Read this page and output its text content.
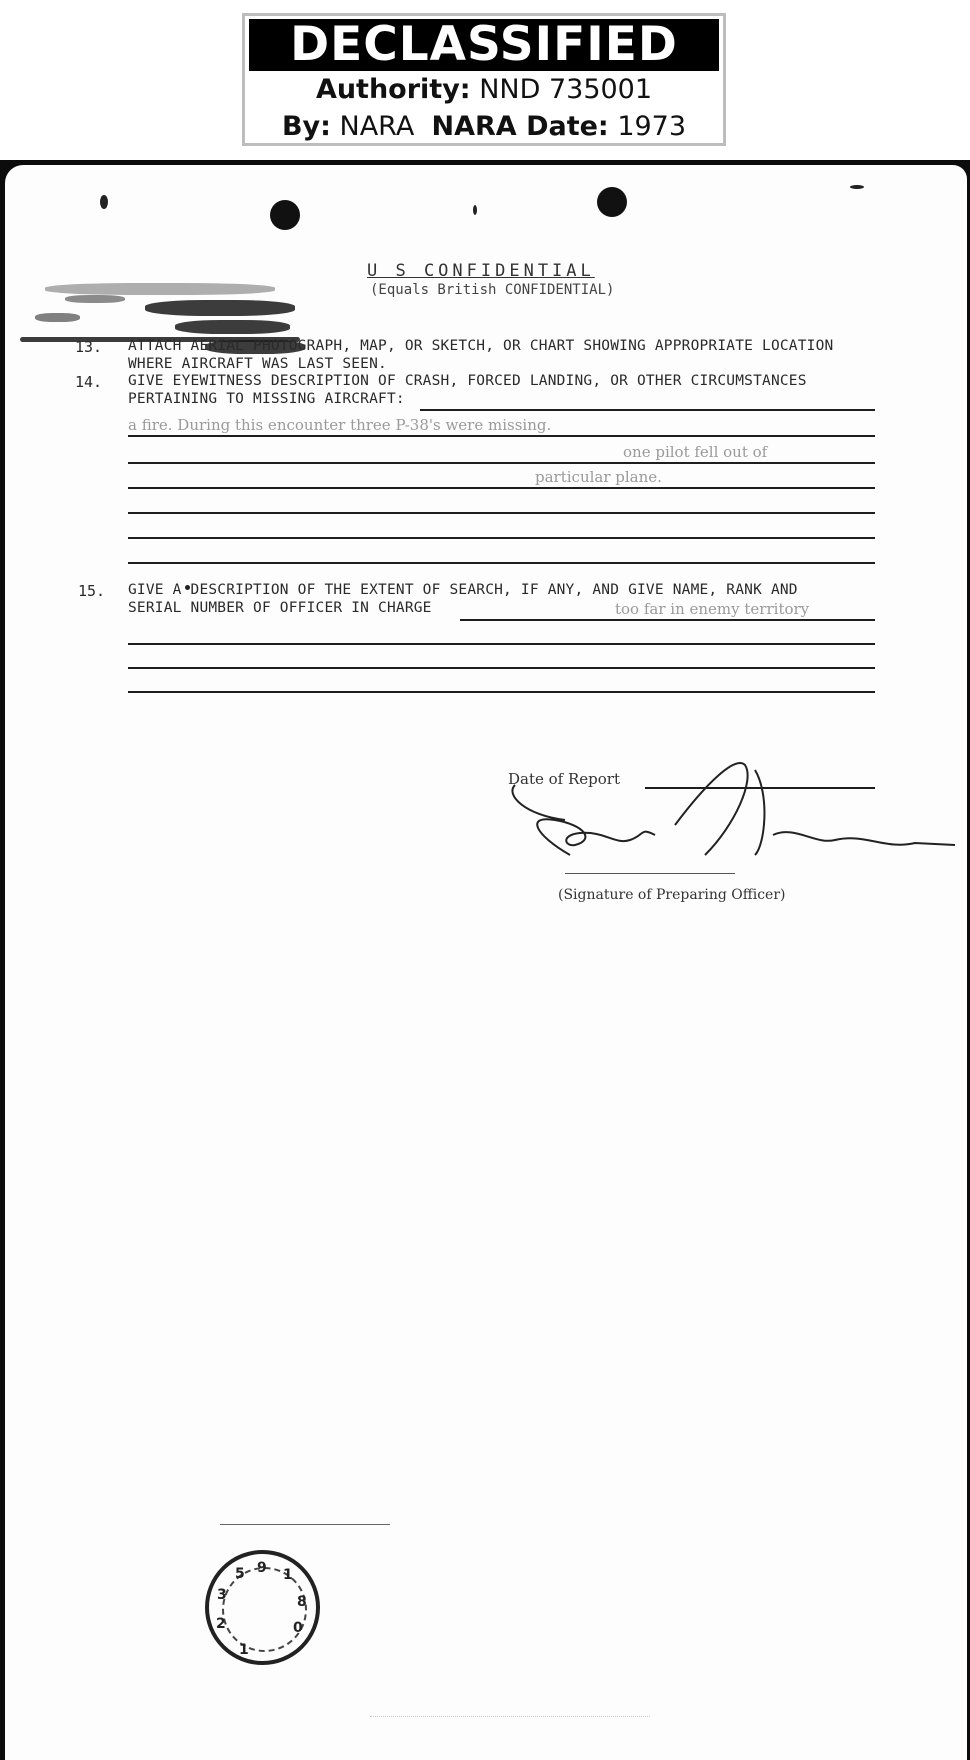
DECLASSIFIED
Authority: NND 735001
By: NARA NARA Date: 1973
U S CONFIDENTIAL
(Equals British CONFIDENTIAL)
13. ATTACH AERIAL PHOTOGRAPH, MAP, OR SKETCH, OR CHART SHOWING APPROPRIATE LOCATION
WHERE AIRCRAFT WAS LAST SEEN.
14. GIVE EYEWITNESS DESCRIPTION OF CRASH, FORCED LANDING, OR OTHER CIRCUMSTANCES
PERTAINING TO MISSING AIRCRAFT:
a fire. During this encounter three P-38's were missing.
one pilot fell out of
particular plane.
15. GIVE A DESCRIPTION OF THE EXTENT OF SEARCH, IF ANY, AND GIVE NAME, RANK AND
SERIAL NUMBER OF OFFICER IN CHARGE	too far in enemy territory
Date of Report
(Signature of Preparing Officer)
9 1
8
0
1
2
3
5
